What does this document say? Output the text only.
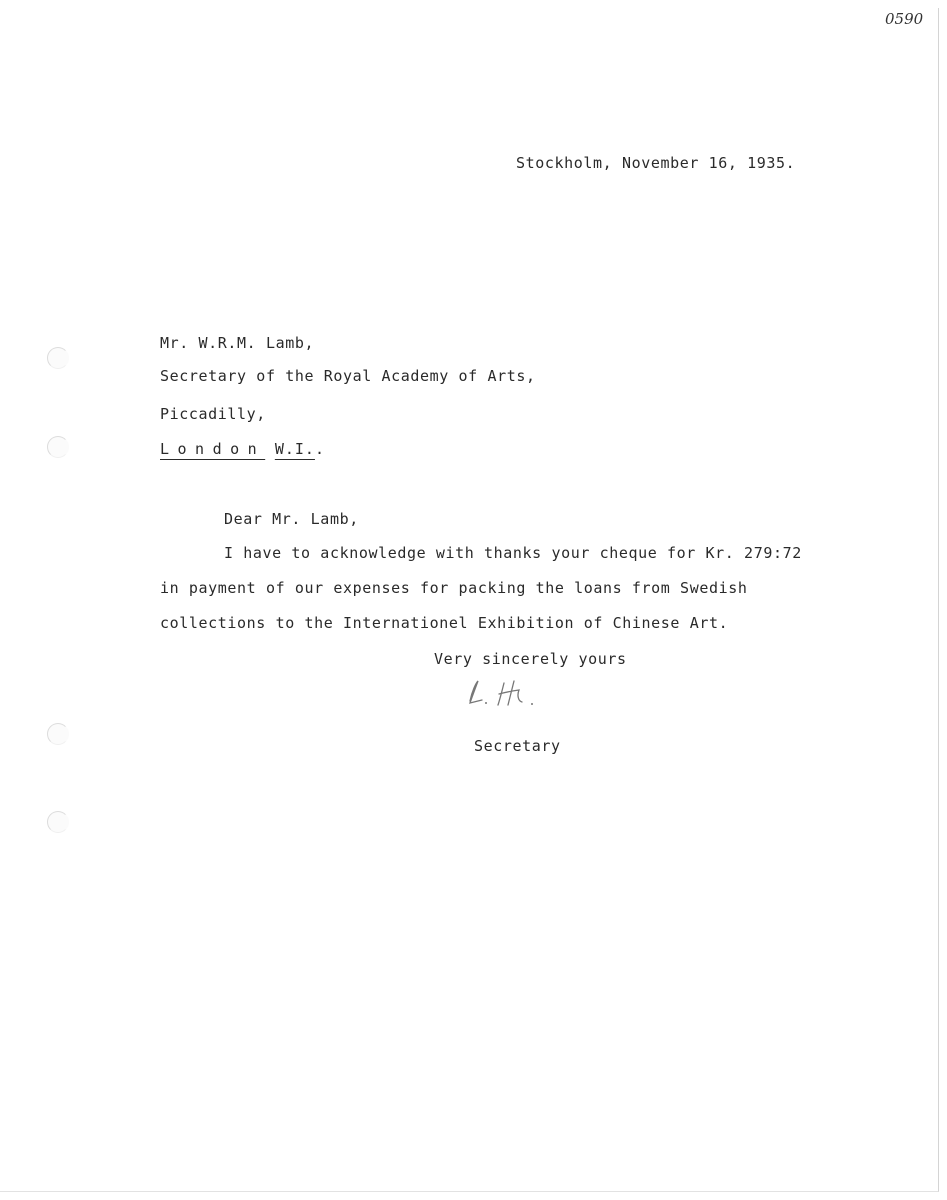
0590
Stockholm, November 16, 1935.
Mr. W.R.M. Lamb,
Secretary of the Royal Academy of Arts,
Piccadilly,
London W.I..
Dear Mr. Lamb,
I have to acknowledge with thanks your cheque for Kr. 279:72
in payment of our expenses for packing the loans from Swedish
collections to the Internationel Exhibition of Chinese Art.
Very sincerely yours
Secretary
